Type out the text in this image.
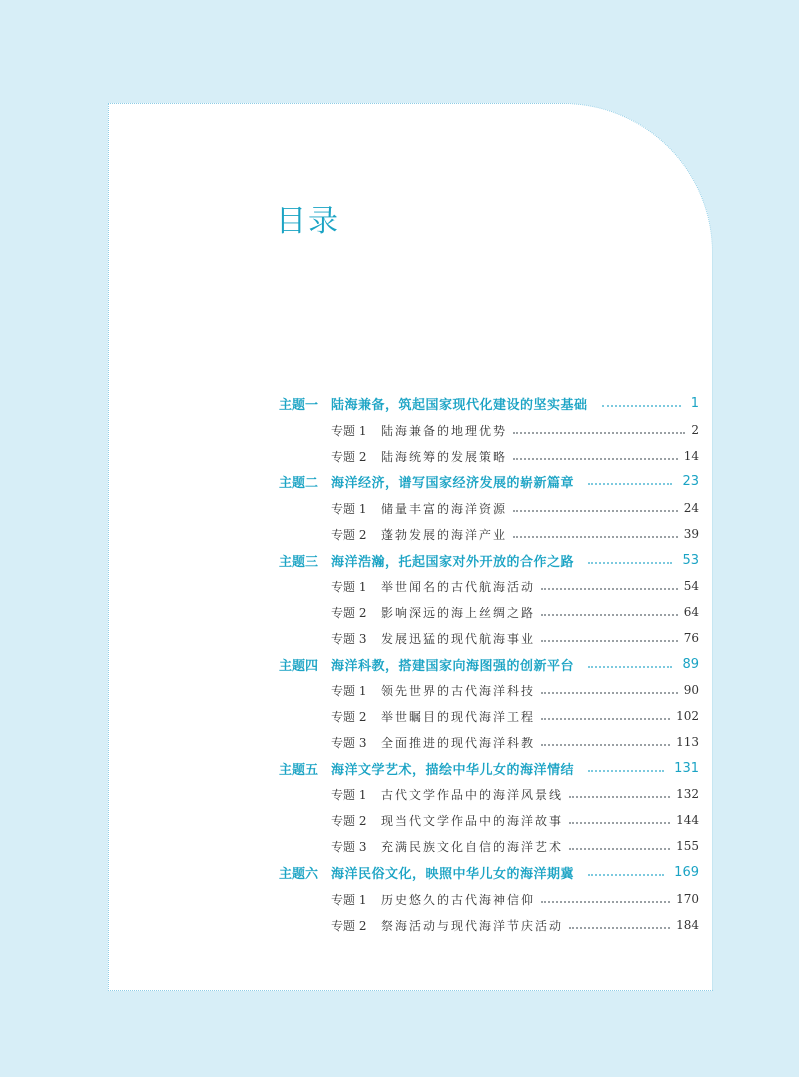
目录
主题一 陆海兼备，筑起国家现代化建设的坚实基础	1
专题 1	陆海兼备的地理优势	2
专题 2	陆海统筹的发展策略	14
主题二 海洋经济，谱写国家经济发展的崭新篇章	23
专题 1	储量丰富的海洋资源	24
专题 2	蓬勃发展的海洋产业	39
主题三 海洋浩瀚，托起国家对外开放的合作之路	53
专题 1	举世闻名的古代航海活动	54
专题 2	影响深远的海上丝绸之路	64
专题 3	发展迅猛的现代航海事业	76
主题四 海洋科教，搭建国家向海图强的创新平台	89
专题 1	领先世界的古代海洋科技	90
专题 2	举世瞩目的现代海洋工程	102
专题 3	全面推进的现代海洋科教	113
主题五 海洋文学艺术，描绘中华儿女的海洋情结	131
专题 1	古代文学作品中的海洋风景线	132
专题 2	现当代文学作品中的海洋故事	144
专题 3	充满民族文化自信的海洋艺术	155
主题六 海洋民俗文化，映照中华儿女的海洋期冀	169
专题 1	历史悠久的古代海神信仰	170
专题 2	祭海活动与现代海洋节庆活动	184
